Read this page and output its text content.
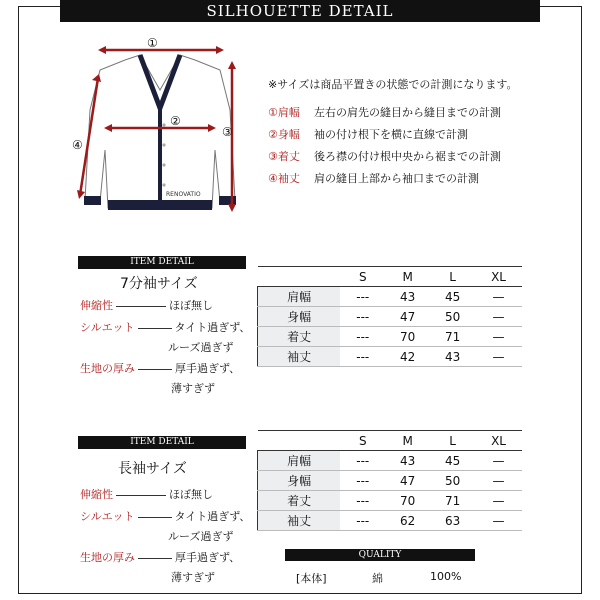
SILHOUETTE DETAIL
RENOVATIO
①
②
③
④
※サイズは商品平置きの状態での計測になります。
①肩幅	左右の肩先の縫目から縫目までの計測
②身幅	袖の付け根下を横に直線で計測
③着丈	後ろ襟の付け根中央から裾までの計測
④袖丈	肩の縫目上部から袖口までの計測
ITEM DETAIL
7分袖サイズ
伸縮性	ほぼ無し
シルエット	タイト過ぎず、
ルーズ過ぎず
生地の厚み	厚手過ぎず、
薄すぎず
	S	M	L	XL
肩幅	---	43	45	—
身幅	---	47	50	—
着丈	---	70	71	—
袖丈	---	42	43	—
ITEM DETAIL
長袖サイズ
伸縮性	ほぼ無し
シルエット	タイト過ぎず、
ルーズ過ぎず
生地の厚み	厚手過ぎず、
薄すぎず
	S	M	L	XL
肩幅	---	43	45	—
身幅	---	47	50	—
着丈	---	70	71	—
袖丈	---	62	63	—
QUALITY
[本体]	綿	100%
